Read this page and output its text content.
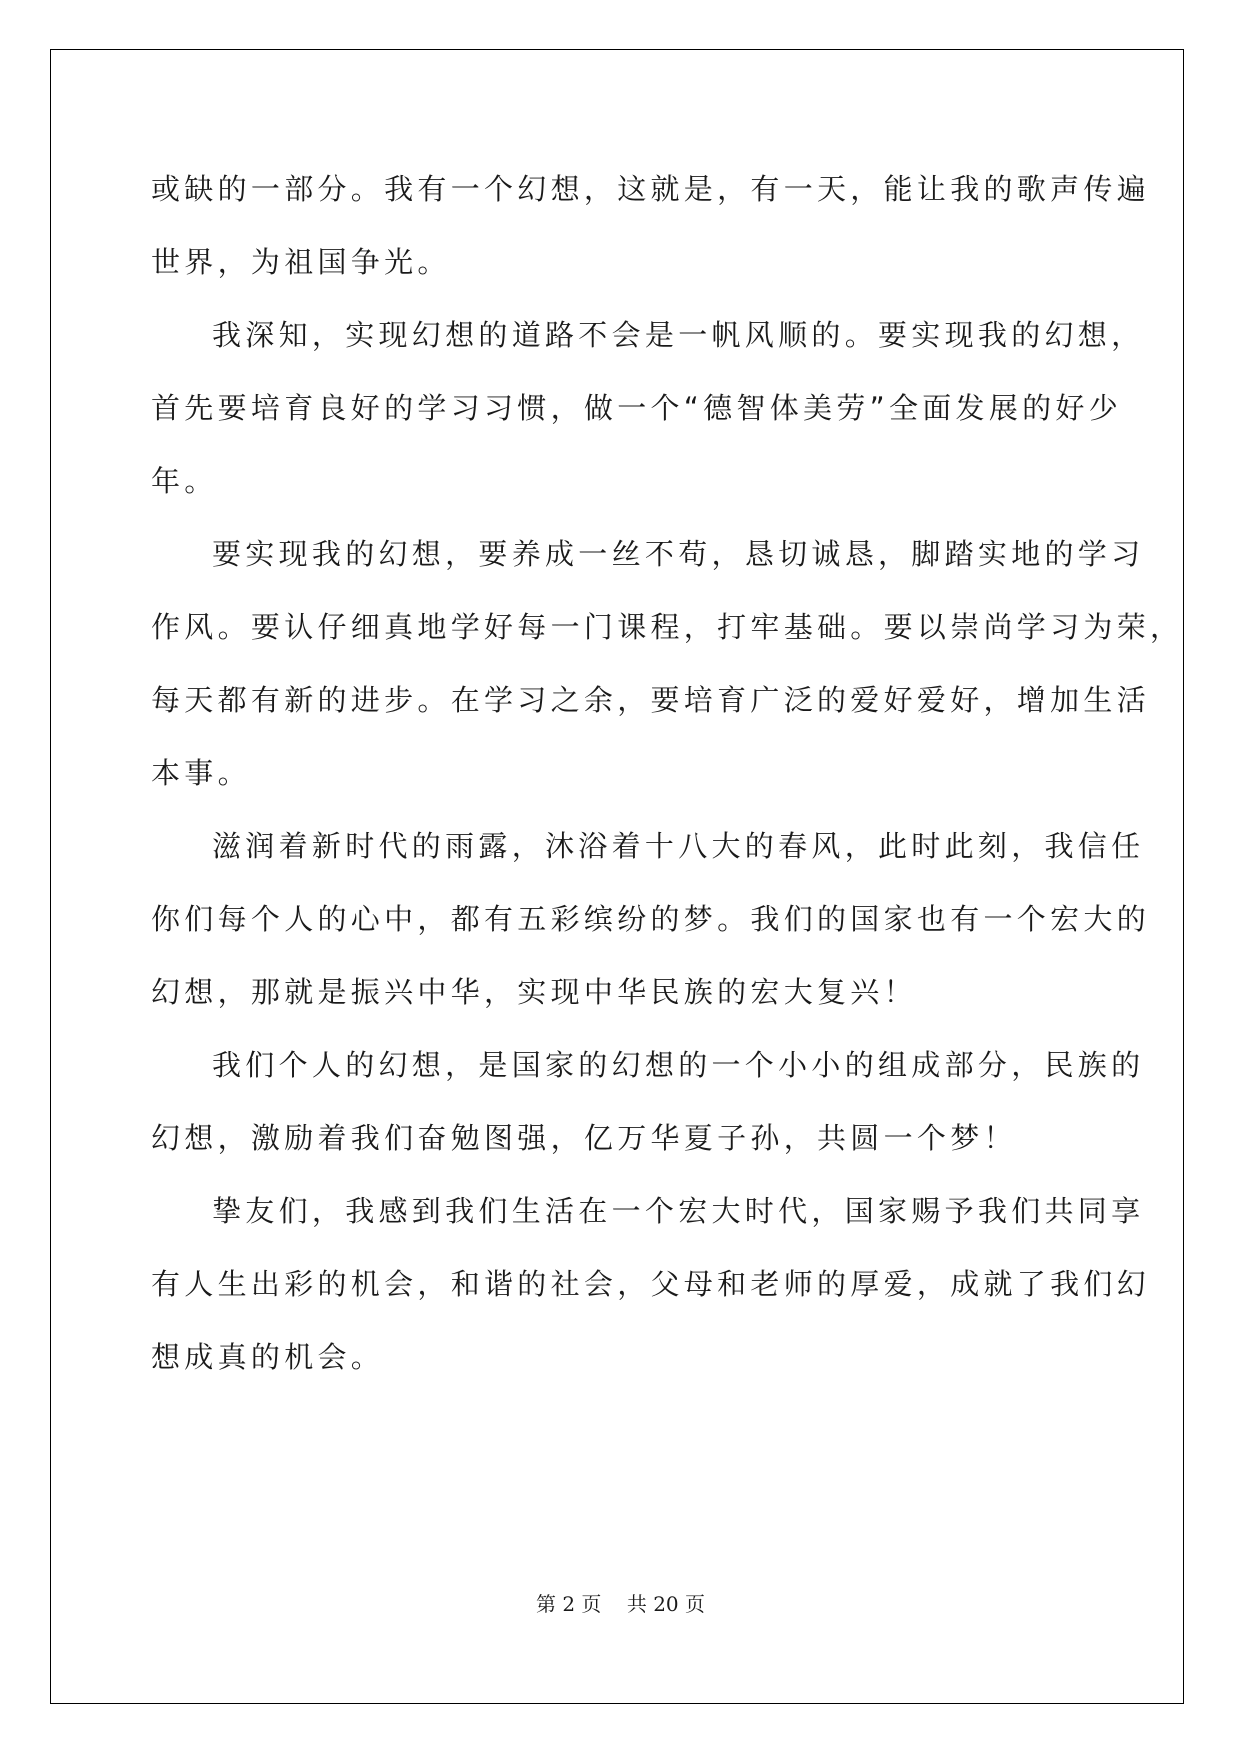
或缺的一部分。我有一个幻想，这就是，有一天，能让我的歌声传遍

世界，为祖国争光。

我深知，实现幻想的道路不会是一帆风顺的。要实现我的幻想，

首先要培育良好的学习习惯，做一个“德智体美劳”全面发展的好少

年。

要实现我的幻想，要养成一丝不苟，恳切诚恳，脚踏实地的学习

作风。要认仔细真地学好每一门课程，打牢基础。要以崇尚学习为荣，

每天都有新的进步。在学习之余，要培育广泛的爱好爱好，增加生活

本事。

滋润着新时代的雨露，沐浴着十八大的春风，此时此刻，我信任

你们每个人的心中，都有五彩缤纷的梦。我们的国家也有一个宏大的

幻想，那就是振兴中华，实现中华民族的宏大复兴！

我们个人的幻想，是国家的幻想的一个小小的组成部分，民族的

幻想，激励着我们奋勉图强，亿万华夏子孙，共圆一个梦！

挚友们，我感到我们生活在一个宏大时代，国家赐予我们共同享

有人生出彩的机会，和谐的社会，父母和老师的厚爱，成就了我们幻

想成真的机会。

第 2 页    共 20 页
